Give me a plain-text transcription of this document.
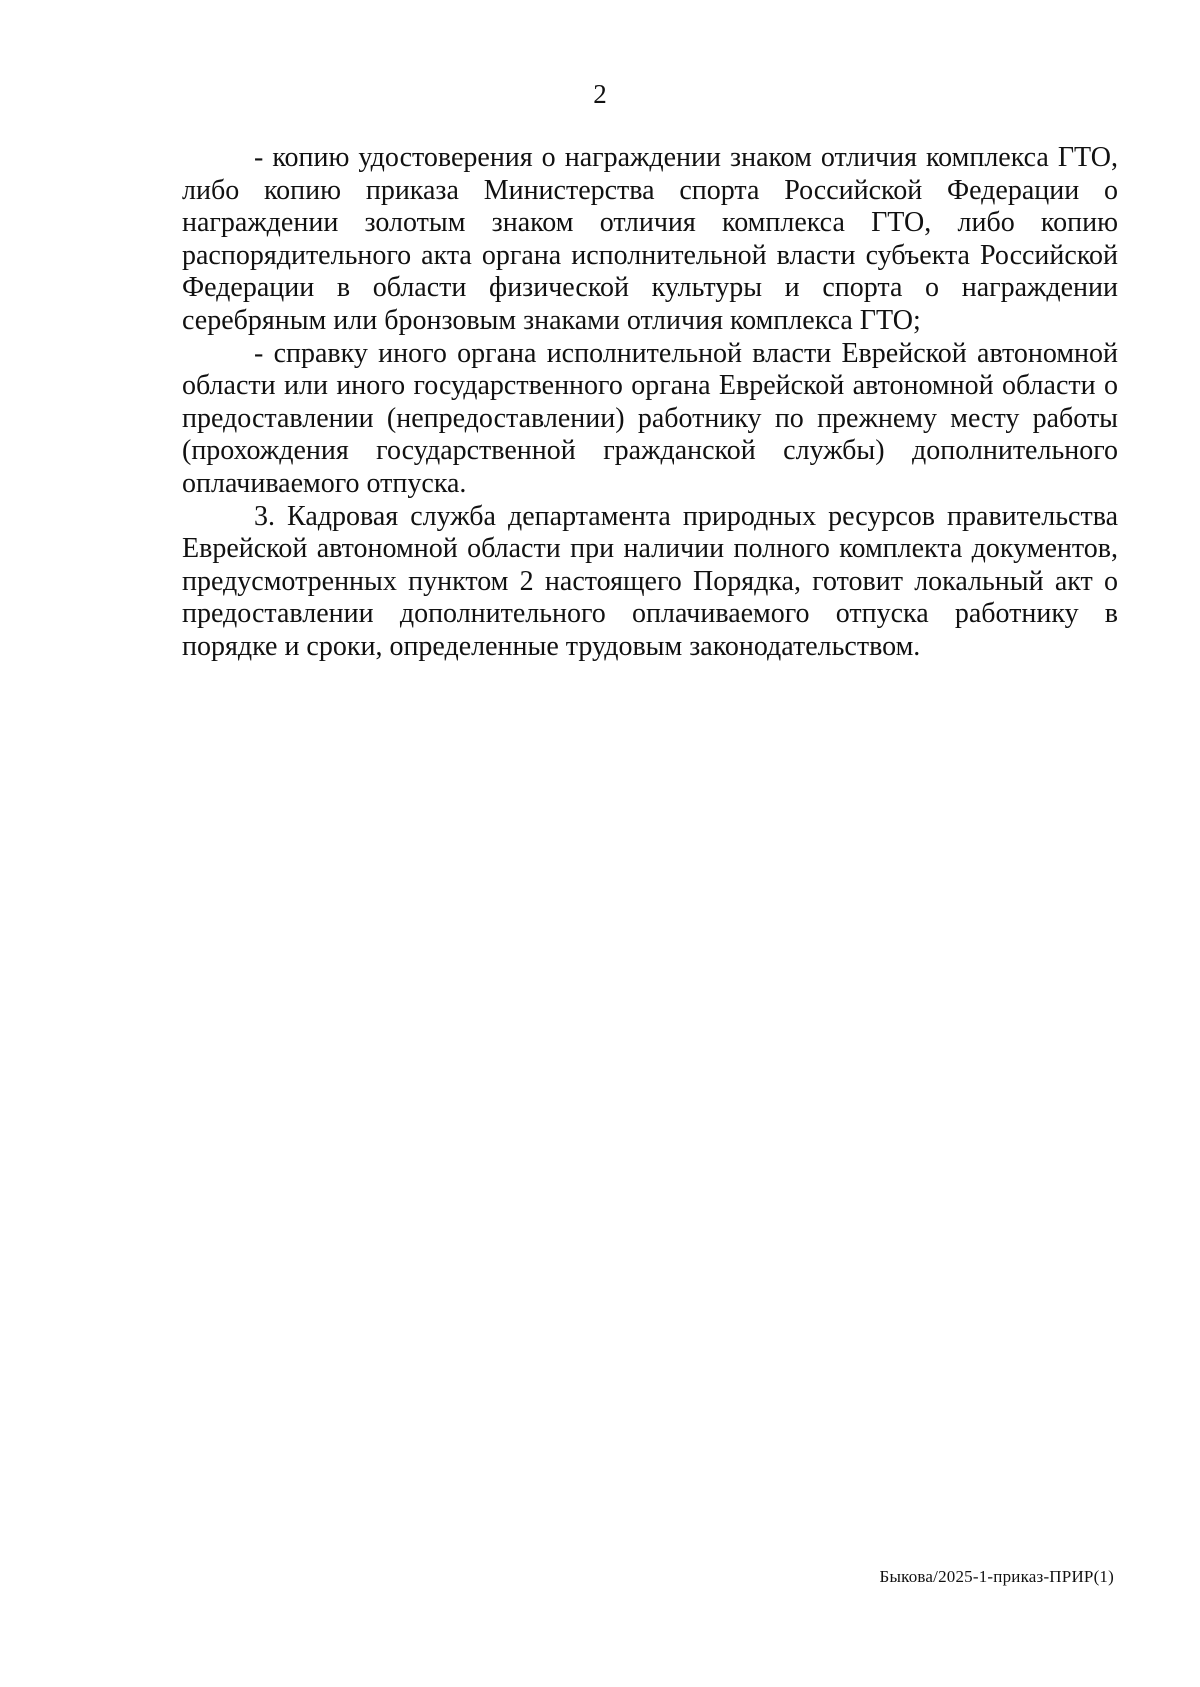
2

- копию удостоверения о награждении знаком отличия комплекса ГТО, либо копию приказа Министерства спорта Российской Федерации о награждении золотым знаком отличия комплекса ГТО, либо копию распорядительного акта органа исполнительной власти субъекта Российской Федерации в области физической культуры и спорта о награждении серебряным или бронзовым знаками отличия комплекса ГТО;

- справку иного органа исполнительной власти Еврейской автономной области или иного государственного органа Еврейской автономной области о предоставлении (непредоставлении) работнику по прежнему месту работы (прохождения государственной гражданской службы) дополнительного оплачиваемого отпуска.

3. Кадровая служба департамента природных ресурсов правительства Еврейской автономной области при наличии полного комплекта документов, предусмотренных пунктом 2 настоящего Порядка, готовит локальный акт о предоставлении дополнительного оплачиваемого отпуска работнику в порядке и сроки, определенные трудовым законодательством.

Быкова/2025-1-приказ-ПРИР(1)
